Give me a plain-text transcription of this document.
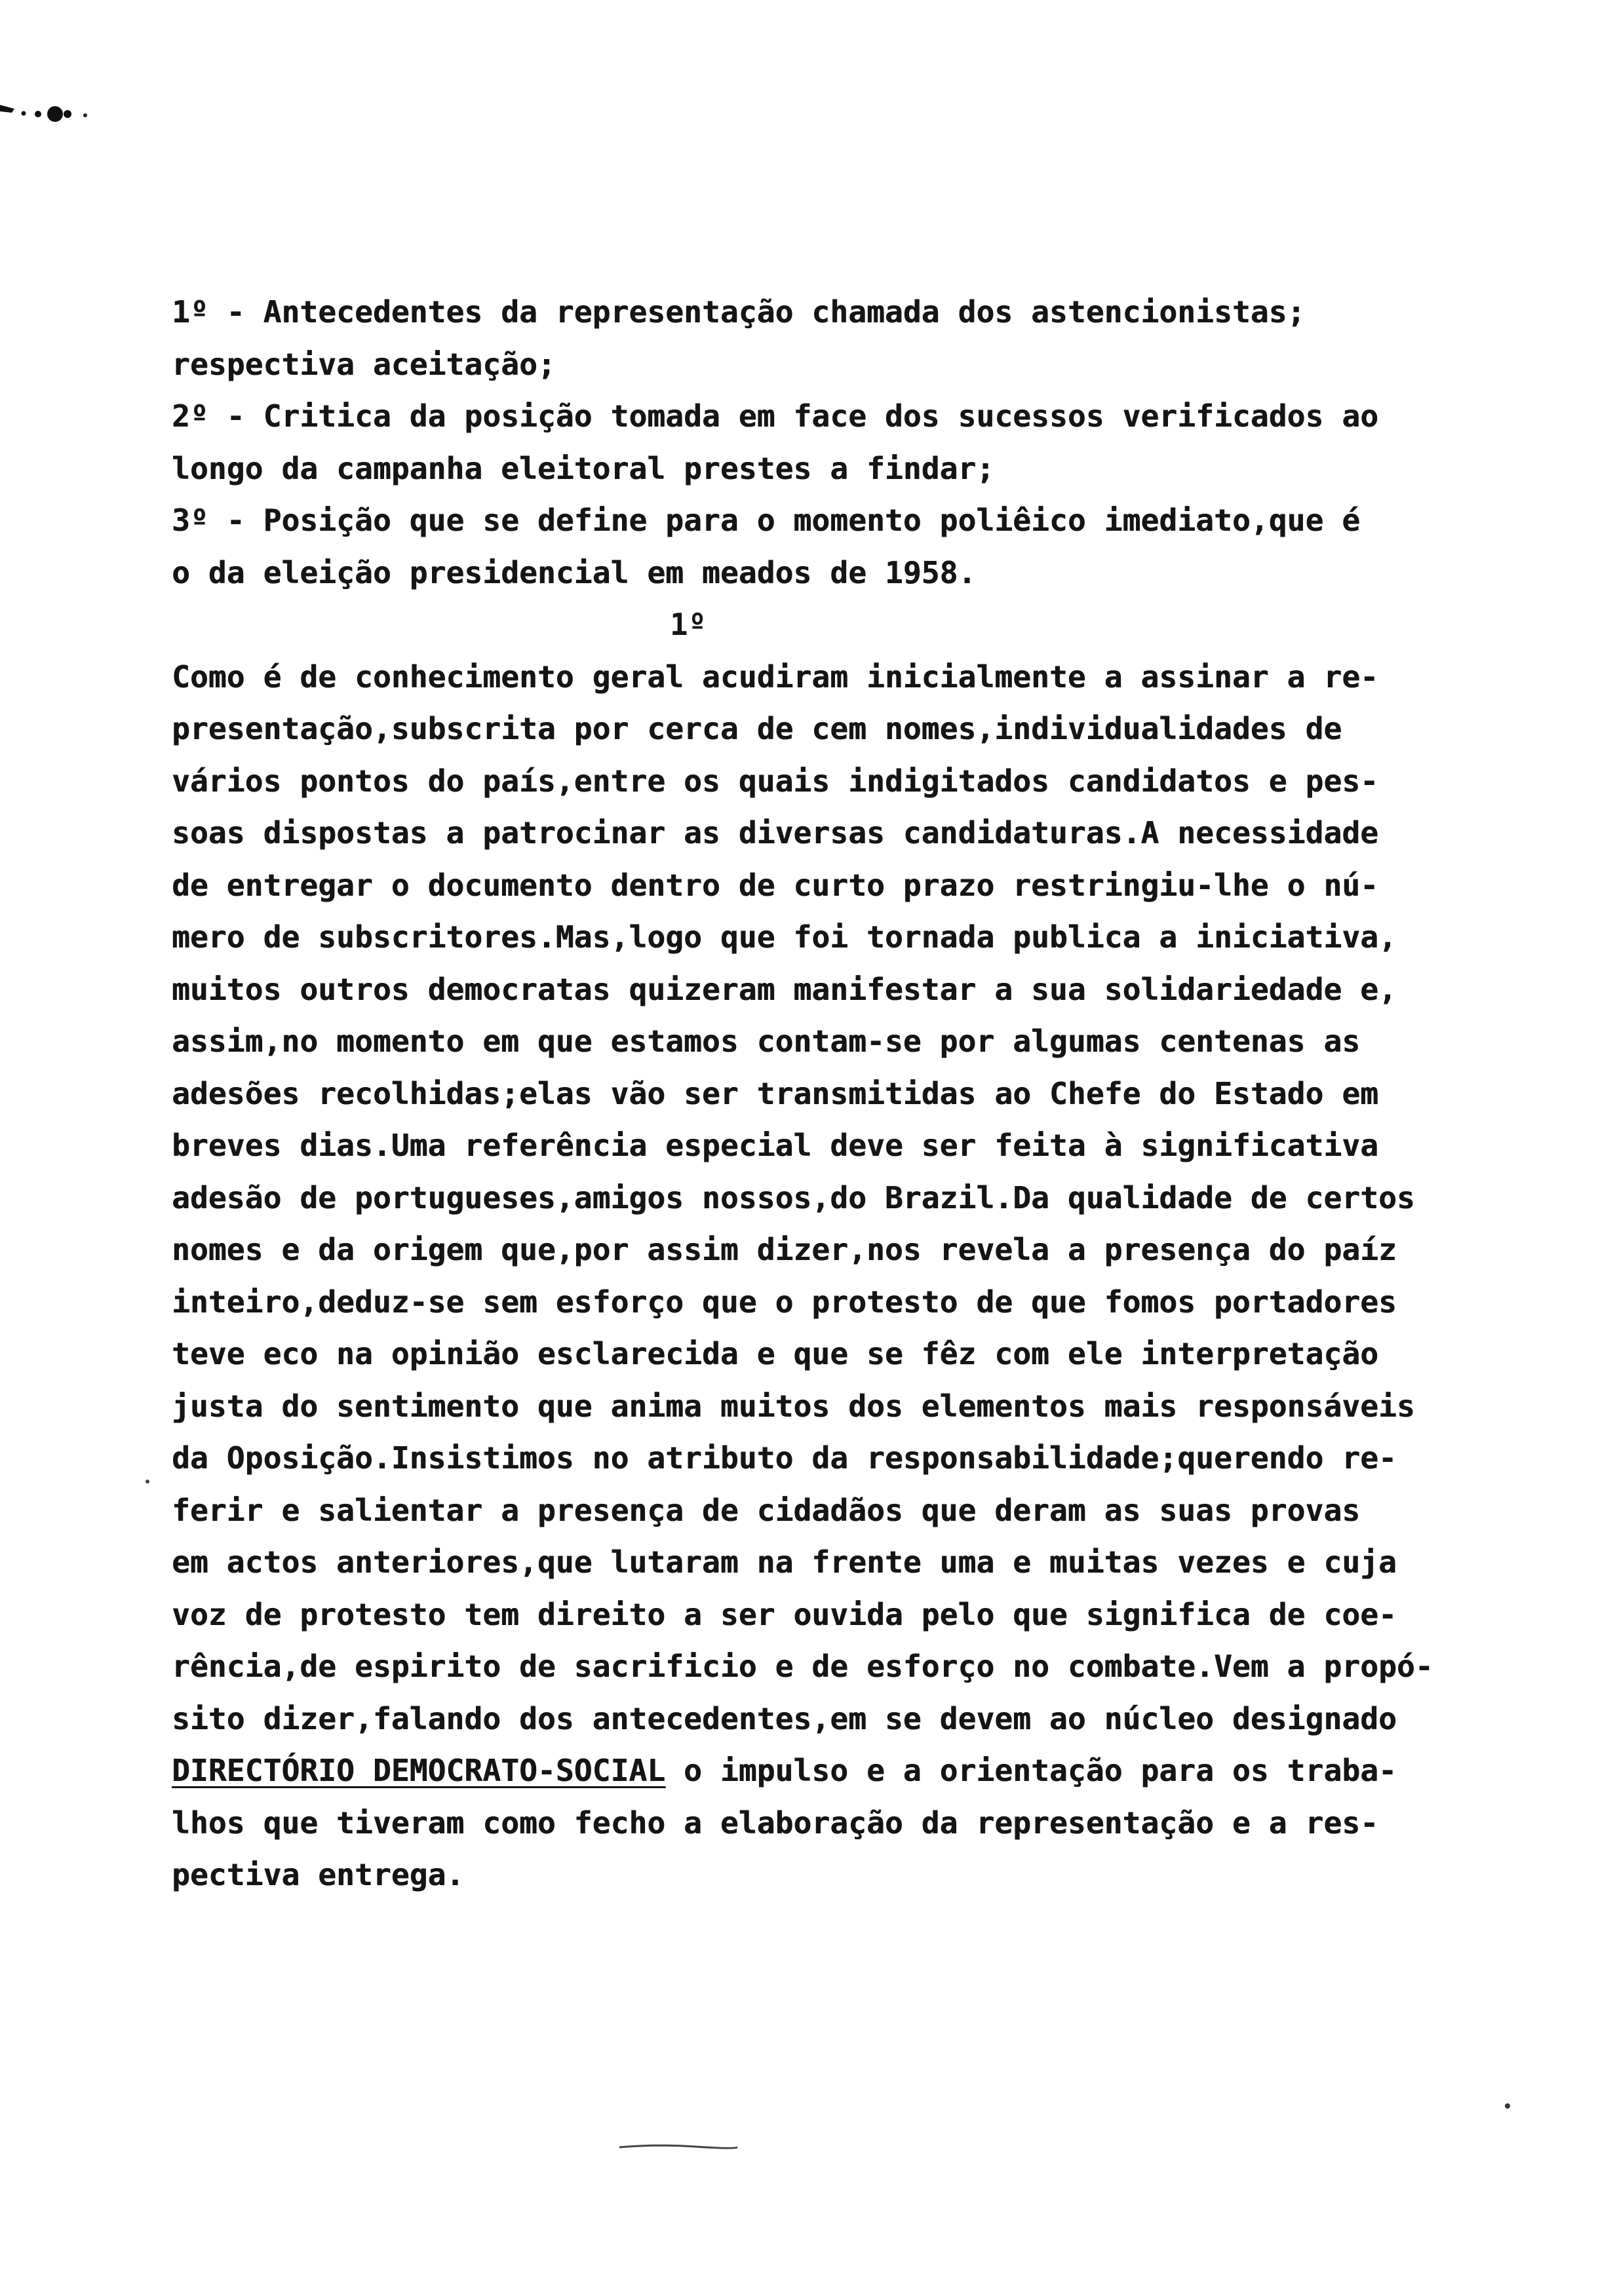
1º - Antecedentes da representação chamada dos astencionistas;
respectiva aceitação;
2º - Critica da posição tomada em face dos sucessos verificados ao
longo da campanha eleitoral prestes a findar;
3º - Posição que se define para o momento poliêico imediato,que é
o da eleição presidencial em meados de 1958.
1º
Como é de conhecimento geral acudiram inicialmente a assinar a re-
presentação,subscrita por cerca de cem nomes,individualidades de
vários pontos do país,entre os quais indigitados candidatos e pes-
soas dispostas a patrocinar as diversas candidaturas.A necessidade
de entregar o documento dentro de curto prazo restringiu-lhe o nú-
mero de subscritores.Mas,logo que foi tornada publica a iniciativa,
muitos outros democratas quizeram manifestar a sua solidariedade e,
assim,no momento em que estamos contam-se por algumas centenas as
adesões recolhidas;elas vão ser transmitidas ao Chefe do Estado em
breves dias.Uma referência especial deve ser feita à significativa
adesão de portugueses,amigos nossos,do Brazil.Da qualidade de certos
nomes e da origem que,por assim dizer,nos revela a presença do paíz
inteiro,deduz-se sem esforço que o protesto de que fomos portadores
teve eco na opinião esclarecida e que se fêz com ele interpretação
justa do sentimento que anima muitos dos elementos mais responsáveis
da Oposição.Insistimos no atributo da responsabilidade;querendo re-
ferir e salientar a presença de cidadãos que deram as suas provas
em actos anteriores,que lutaram na frente uma e muitas vezes e cuja
voz de protesto tem direito a ser ouvida pelo que significa de coe-
rência,de espirito de sacrificio e de esforço no combate.Vem a propó-
sito dizer,falando dos antecedentes,em se devem ao núcleo designado
DIRECTÓRIO DEMOCRATO-SOCIAL o impulso e a orientação para os traba-
lhos que tiveram como fecho a elaboração da representação e a res-
pectiva entrega.
